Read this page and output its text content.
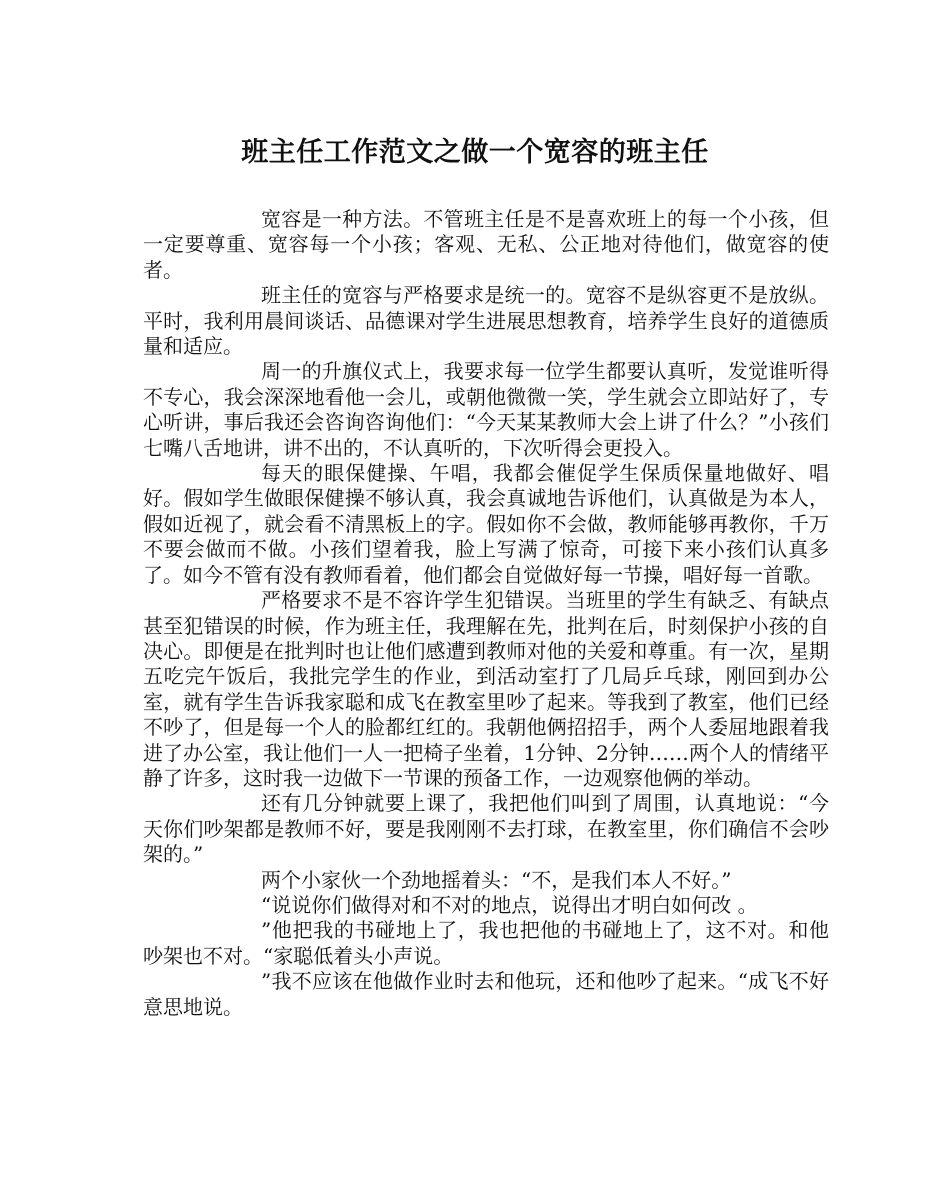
班主任工作范文之做一个宽容的班主任

宽容是一种方法。不管班主任是不是喜欢班上的每一个小孩，但一定要尊重、宽容每一个小孩；客观、无私、公正地对待他们，做宽容的使者。

班主任的宽容与严格要求是统一的。宽容不是纵容更不是放纵。平时，我利用晨间谈话、品德课对学生进展思想教育，培养学生良好的道德质量和适应。

周一的升旗仪式上，我要求每一位学生都要认真听，发觉谁听得不专心，我会深深地看他一会儿，或朝他微微一笑，学生就会立即站好了，专心听讲，事后我还会咨询咨询他们：“今天某某教师大会上讲了什么？”小孩们七嘴八舌地讲，讲不出的，不认真听的，下次听得会更投入。

每天的眼保健操、午唱，我都会催促学生保质保量地做好、唱好。假如学生做眼保健操不够认真，我会真诚地告诉他们，认真做是为本人，假如近视了，就会看不清黑板上的字。假如你不会做，教师能够再教你，千万不要会做而不做。小孩们望着我，脸上写满了惊奇，可接下来小孩们认真多了。如今不管有没有教师看着，他们都会自觉做好每一节操，唱好每一首歌。

严格要求不是不容许学生犯错误。当班里的学生有缺乏、有缺点甚至犯错误的时候，作为班主任，我理解在先，批判在后，时刻保护小孩的自决心。即便是在批判时也让他们感遭到教师对他的关爱和尊重。有一次，星期五吃完午饭后，我批完学生的作业，到活动室打了几局乒乓球，刚回到办公室，就有学生告诉我家聪和成飞在教室里吵了起来。等我到了教室，他们已经不吵了，但是每一个人的脸都红红的。我朝他俩招招手，两个人委屈地跟着我进了办公室，我让他们一人一把椅子坐着，1分钟、2分钟……两个人的情绪平静了许多，这时我一边做下一节课的预备工作，一边观察他俩的举动。

还有几分钟就要上课了，我把他们叫到了周围，认真地说：“今天你们吵架都是教师不好，要是我刚刚不去打球，在教室里，你们确信不会吵架的。”

两个小家伙一个劲地摇着头：“不，是我们本人不好。”

“说说你们做得对和不对的地点，说得出才明白如何改 。

”他把我的书碰地上了，我也把他的书碰地上了，这不对。和他吵架也不对。“家聪低着头小声说。

”我不应该在他做作业时去和他玩，还和他吵了起来。“成飞不好意思地说。
